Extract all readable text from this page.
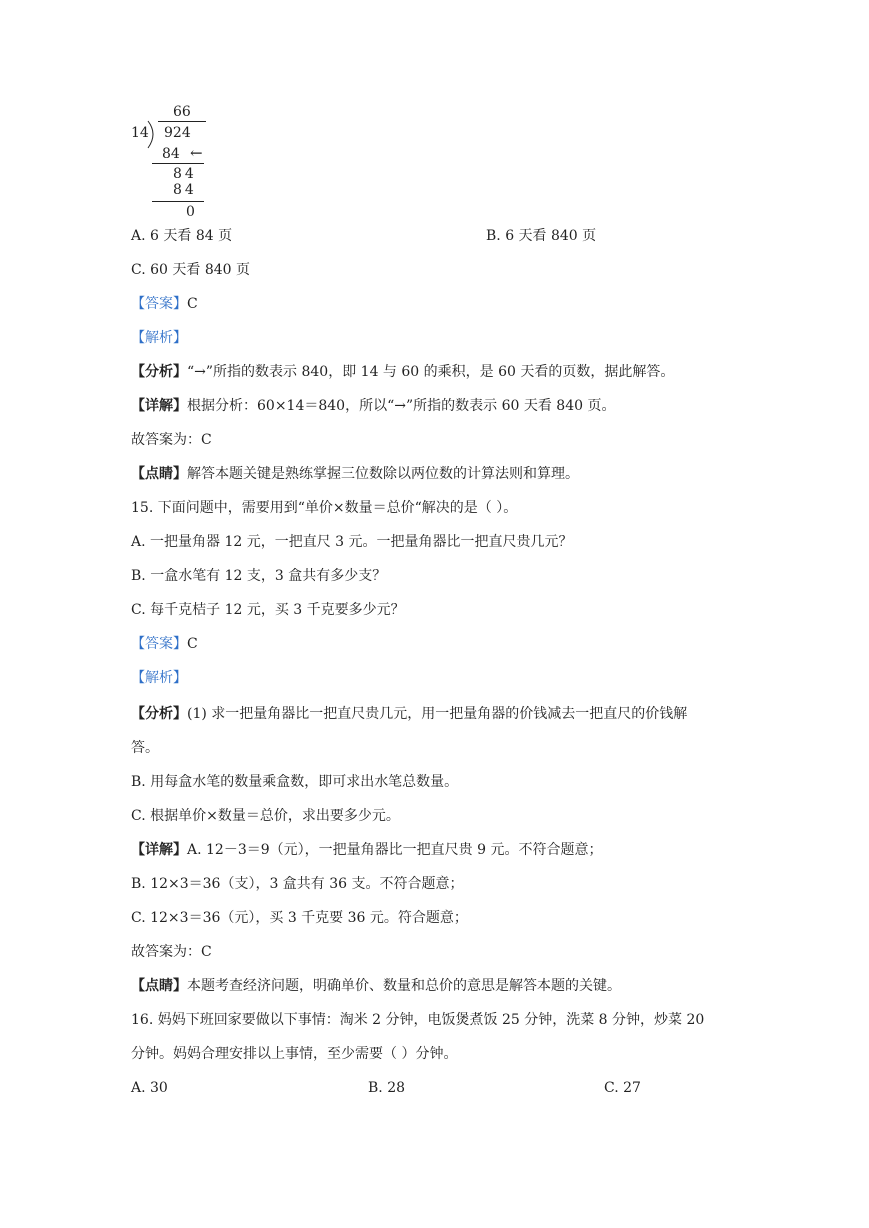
66
14 924
84 ←
84
84
0
A. 6 天看 84 页	B. 6 天看 840 页
C. 60 天看 840 页
【答案】C
【解析】
【分析】“→”所指的数表示 840，即 14 与 60 的乘积，是 60 天看的页数，据此解答。
【详解】根据分析：60×14＝840，所以“→”所指的数表示 60 天看 840 页。
故答案为：C
【点睛】解答本题关键是熟练掌握三位数除以两位数的计算法则和算理。
15. 下面问题中，需要用到“单价×数量＝总价“解决的是（ ）。
A. 一把量角器 12 元，一把直尺 3 元。一把量角器比一把直尺贵几元？
B. 一盒水笔有 12 支，3 盒共有多少支？
C. 每千克桔子 12 元，买 3 千克要多少元？
【答案】C
【解析】
【分析】(1) 求一把量角器比一把直尺贵几元，用一把量角器的价钱减去一把直尺的价钱解
答。
B. 用每盒水笔的数量乘盒数，即可求出水笔总数量。
C. 根据单价×数量＝总价，求出要多少元。
【详解】A. 12－3＝9（元），一把量角器比一把直尺贵 9 元。不符合题意；
B. 12×3＝36（支），3 盒共有 36 支。不符合题意；
C. 12×3＝36（元），买 3 千克要 36 元。符合题意；
故答案为：C
【点睛】本题考查经济问题，明确单价、数量和总价的意思是解答本题的关键。
16. 妈妈下班回家要做以下事情：淘米 2 分钟，电饭煲煮饭 25 分钟，洗菜 8 分钟，炒菜 20
分钟。妈妈合理安排以上事情，至少需要（ ）分钟。
A. 30	B. 28	C. 27
